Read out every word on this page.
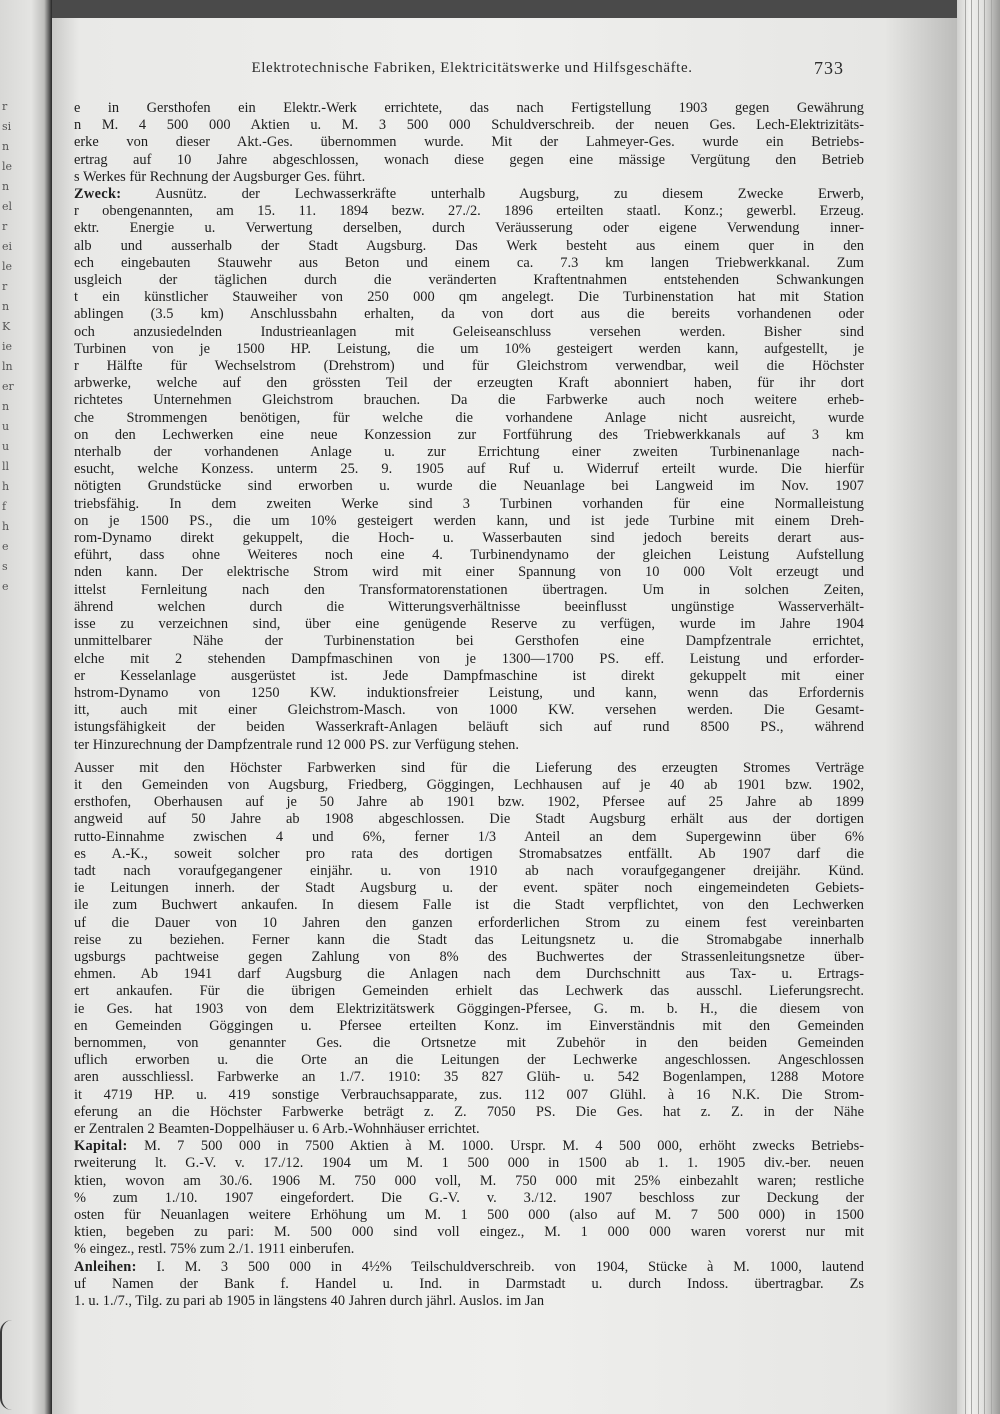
r
si
n
le
n
el
r
ei
le
r
n
K
ie
ln
er
n
u
u
ll
h
f
h
e
s
e
Elektrotechnische Fabriken, Elektricitätswerke und Hilfsgeschäfte.	733

e in Gersthofen ein Elektr.-Werk errichtete, das nach Fertigstellung 1903 gegen Gewährung

n M. 4 500 000 Aktien u. M. 3 500 000 Schuldverschreib. der neuen Ges. Lech-Elektrizitäts-

erke von dieser Akt.-Ges. übernommen wurde. Mit der Lahmeyer-Ges. wurde ein Betriebs-

ertrag auf 10 Jahre abgeschlossen, wonach diese gegen eine mässige Vergütung den Betrieb

s Werkes für Rechnung der Augsburger Ges. führt.

Zweck: Ausnütz. der Lechwasserkräfte unterhalb Augsburg, zu diesem Zwecke Erwerb,

r obengenannten, am 15. 11. 1894 bezw. 27./2. 1896 erteilten staatl. Konz.; gewerbl. Erzeug.

ektr. Energie u. Verwertung derselben, durch Veräusserung oder eigene Verwendung inner-

alb und ausserhalb der Stadt Augsburg. Das Werk besteht aus einem quer in den

ech eingebauten Stauwehr aus Beton und einem ca. 7.3 km langen Triebwerkkanal. Zum

usgleich der täglichen durch die veränderten Kraftentnahmen entstehenden Schwankungen

t ein künstlicher Stauweiher von 250 000 qm angelegt. Die Turbinenstation hat mit Station

ablingen (3.5 km) Anschlussbahn erhalten, da von dort aus die bereits vorhandenen oder

och anzusiedelnden Industrieanlagen mit Geleiseanschluss versehen werden. Bisher sind

Turbinen von je 1500 HP. Leistung, die um 10% gesteigert werden kann, aufgestellt, je

r Hälfte für Wechselstrom (Drehstrom) und für Gleichstrom verwendbar, weil die Höchster

arbwerke, welche auf den grössten Teil der erzeugten Kraft abonniert haben, für ihr dort

richtetes Unternehmen Gleichstrom brauchen. Da die Farbwerke auch noch weitere erheb-

che Strommengen benötigen, für welche die vorhandene Anlage nicht ausreicht, wurde

on den Lechwerken eine neue Konzession zur Fortführung des Triebwerkkanals auf 3 km

nterhalb der vorhandenen Anlage u. zur Errichtung einer zweiten Turbinenanlage nach-

esucht, welche Konzess. unterm 25. 9. 1905 auf Ruf u. Widerruf erteilt wurde. Die hierfür

nötigten Grundstücke sind erworben u. wurde die Neuanlage bei Langweid im Nov. 1907

triebsfähig. In dem zweiten Werke sind 3 Turbinen vorhanden für eine Normalleistung

on je 1500 PS., die um 10% gesteigert werden kann, und ist jede Turbine mit einem Dreh-

rom-Dynamo direkt gekuppelt, die Hoch- u. Wasserbauten sind jedoch bereits derart aus-

eführt, dass ohne Weiteres noch eine 4. Turbinendynamo der gleichen Leistung Aufstellung

nden kann. Der elektrische Strom wird mit einer Spannung von 10 000 Volt erzeugt und

ittelst Fernleitung nach den Transformatorenstationen übertragen. Um in solchen Zeiten,

ährend welchen durch die Witterungsverhältnisse beeinflusst ungünstige Wasserverhält-

isse zu verzeichnen sind, über eine genügende Reserve zu verfügen, wurde im Jahre 1904

unmittelbarer Nähe der Turbinenstation bei Gersthofen eine Dampfzentrale errichtet,

elche mit 2 stehenden Dampfmaschinen von je 1300—1700 PS. eff. Leistung und erforder-

er Kesselanlage ausgerüstet ist. Jede Dampfmaschine ist direkt gekuppelt mit einer

hstrom-Dynamo von 1250 KW. induktionsfreier Leistung, und kann, wenn das Erfordernis

itt, auch mit einer Gleichstrom-Masch. von 1000 KW. versehen werden. Die Gesamt-

istungsfähigkeit der beiden Wasserkraft-Anlagen beläuft sich auf rund 8500 PS., während

ter Hinzurechnung der Dampfzentrale rund 12 000 PS. zur Verfügung stehen.

Ausser mit den Höchster Farbwerken sind für die Lieferung des erzeugten Stromes Verträge

it den Gemeinden von Augsburg, Friedberg, Göggingen, Lechhausen auf je 40 ab 1901 bzw. 1902,

ersthofen, Oberhausen auf je 50 Jahre ab 1901 bzw. 1902, Pfersee auf 25 Jahre ab 1899

angweid auf 50 Jahre ab 1908 abgeschlossen. Die Stadt Augsburg erhält aus der dortigen

rutto-Einnahme zwischen 4 und 6%, ferner 1/3 Anteil an dem Supergewinn über 6%

es A.-K., soweit solcher pro rata des dortigen Stromabsatzes entfällt. Ab 1907 darf die

tadt nach voraufgegangener einjähr. u. von 1910 ab nach voraufgegangener dreijähr. Künd.

ie Leitungen innerh. der Stadt Augsburg u. der event. später noch eingemeindeten Gebiets-

ile zum Buchwert ankaufen. In diesem Falle ist die Stadt verpflichtet, von den Lechwerken

uf die Dauer von 10 Jahren den ganzen erforderlichen Strom zu einem fest vereinbarten

reise zu beziehen. Ferner kann die Stadt das Leitungsnetz u. die Stromabgabe innerhalb

ugsburgs pachtweise gegen Zahlung von 8% des Buchwertes der Strassenleitungsnetze über-

ehmen. Ab 1941 darf Augsburg die Anlagen nach dem Durchschnitt aus Tax- u. Ertrags-

ert ankaufen. Für die übrigen Gemeinden erhielt das Lechwerk das ausschl. Lieferungsrecht.

ie Ges. hat 1903 von dem Elektrizitätswerk Göggingen-Pfersee, G. m. b. H., die diesem von

en Gemeinden Göggingen u. Pfersee erteilten Konz. im Einverständnis mit den Gemeinden

bernommen, von genannter Ges. die Ortsnetze mit Zubehör in den beiden Gemeinden

uflich erworben u. die Orte an die Leitungen der Lechwerke angeschlossen. Angeschlossen

aren ausschliessl. Farbwerke an 1./7. 1910: 35 827 Glüh- u. 542 Bogenlampen, 1288 Motore

it 4719 HP. u. 419 sonstige Verbrauchsapparate, zus. 112 007 Glühl. à 16 N.K. Die Strom-

eferung an die Höchster Farbwerke beträgt z. Z. 7050 PS. Die Ges. hat z. Z. in der Nähe

er Zentralen 2 Beamten-Doppelhäuser u. 6 Arb.-Wohnhäuser errichtet.

Kapital: M. 7 500 000 in 7500 Aktien à M. 1000. Urspr. M. 4 500 000, erhöht zwecks Betriebs-

rweiterung lt. G.-V. v. 17./12. 1904 um M. 1 500 000 in 1500 ab 1. 1. 1905 div.-ber. neuen

ktien, wovon am 30./6. 1906 M. 750 000 voll, M. 750 000 mit 25% einbezahlt waren; restliche

% zum 1./10. 1907 eingefordert. Die G.-V. v. 3./12. 1907 beschloss zur Deckung der

osten für Neuanlagen weitere Erhöhung um M. 1 500 000 (also auf M. 7 500 000) in 1500

ktien, begeben zu pari: M. 500 000 sind voll eingez., M. 1 000 000 waren vorerst nur mit

% eingez., restl. 75% zum 2./1. 1911 einberufen.

Anleihen: I. M. 3 500 000 in 4½% Teilschuldverschreib. von 1904, Stücke à M. 1000, lautend

uf Namen der Bank f. Handel u. Ind. in Darmstadt u. durch Indoss. übertragbar. Zs

1. u. 1./7., Tilg. zu pari ab 1905 in längstens 40 Jahren durch jährl. Auslos. im Jan
